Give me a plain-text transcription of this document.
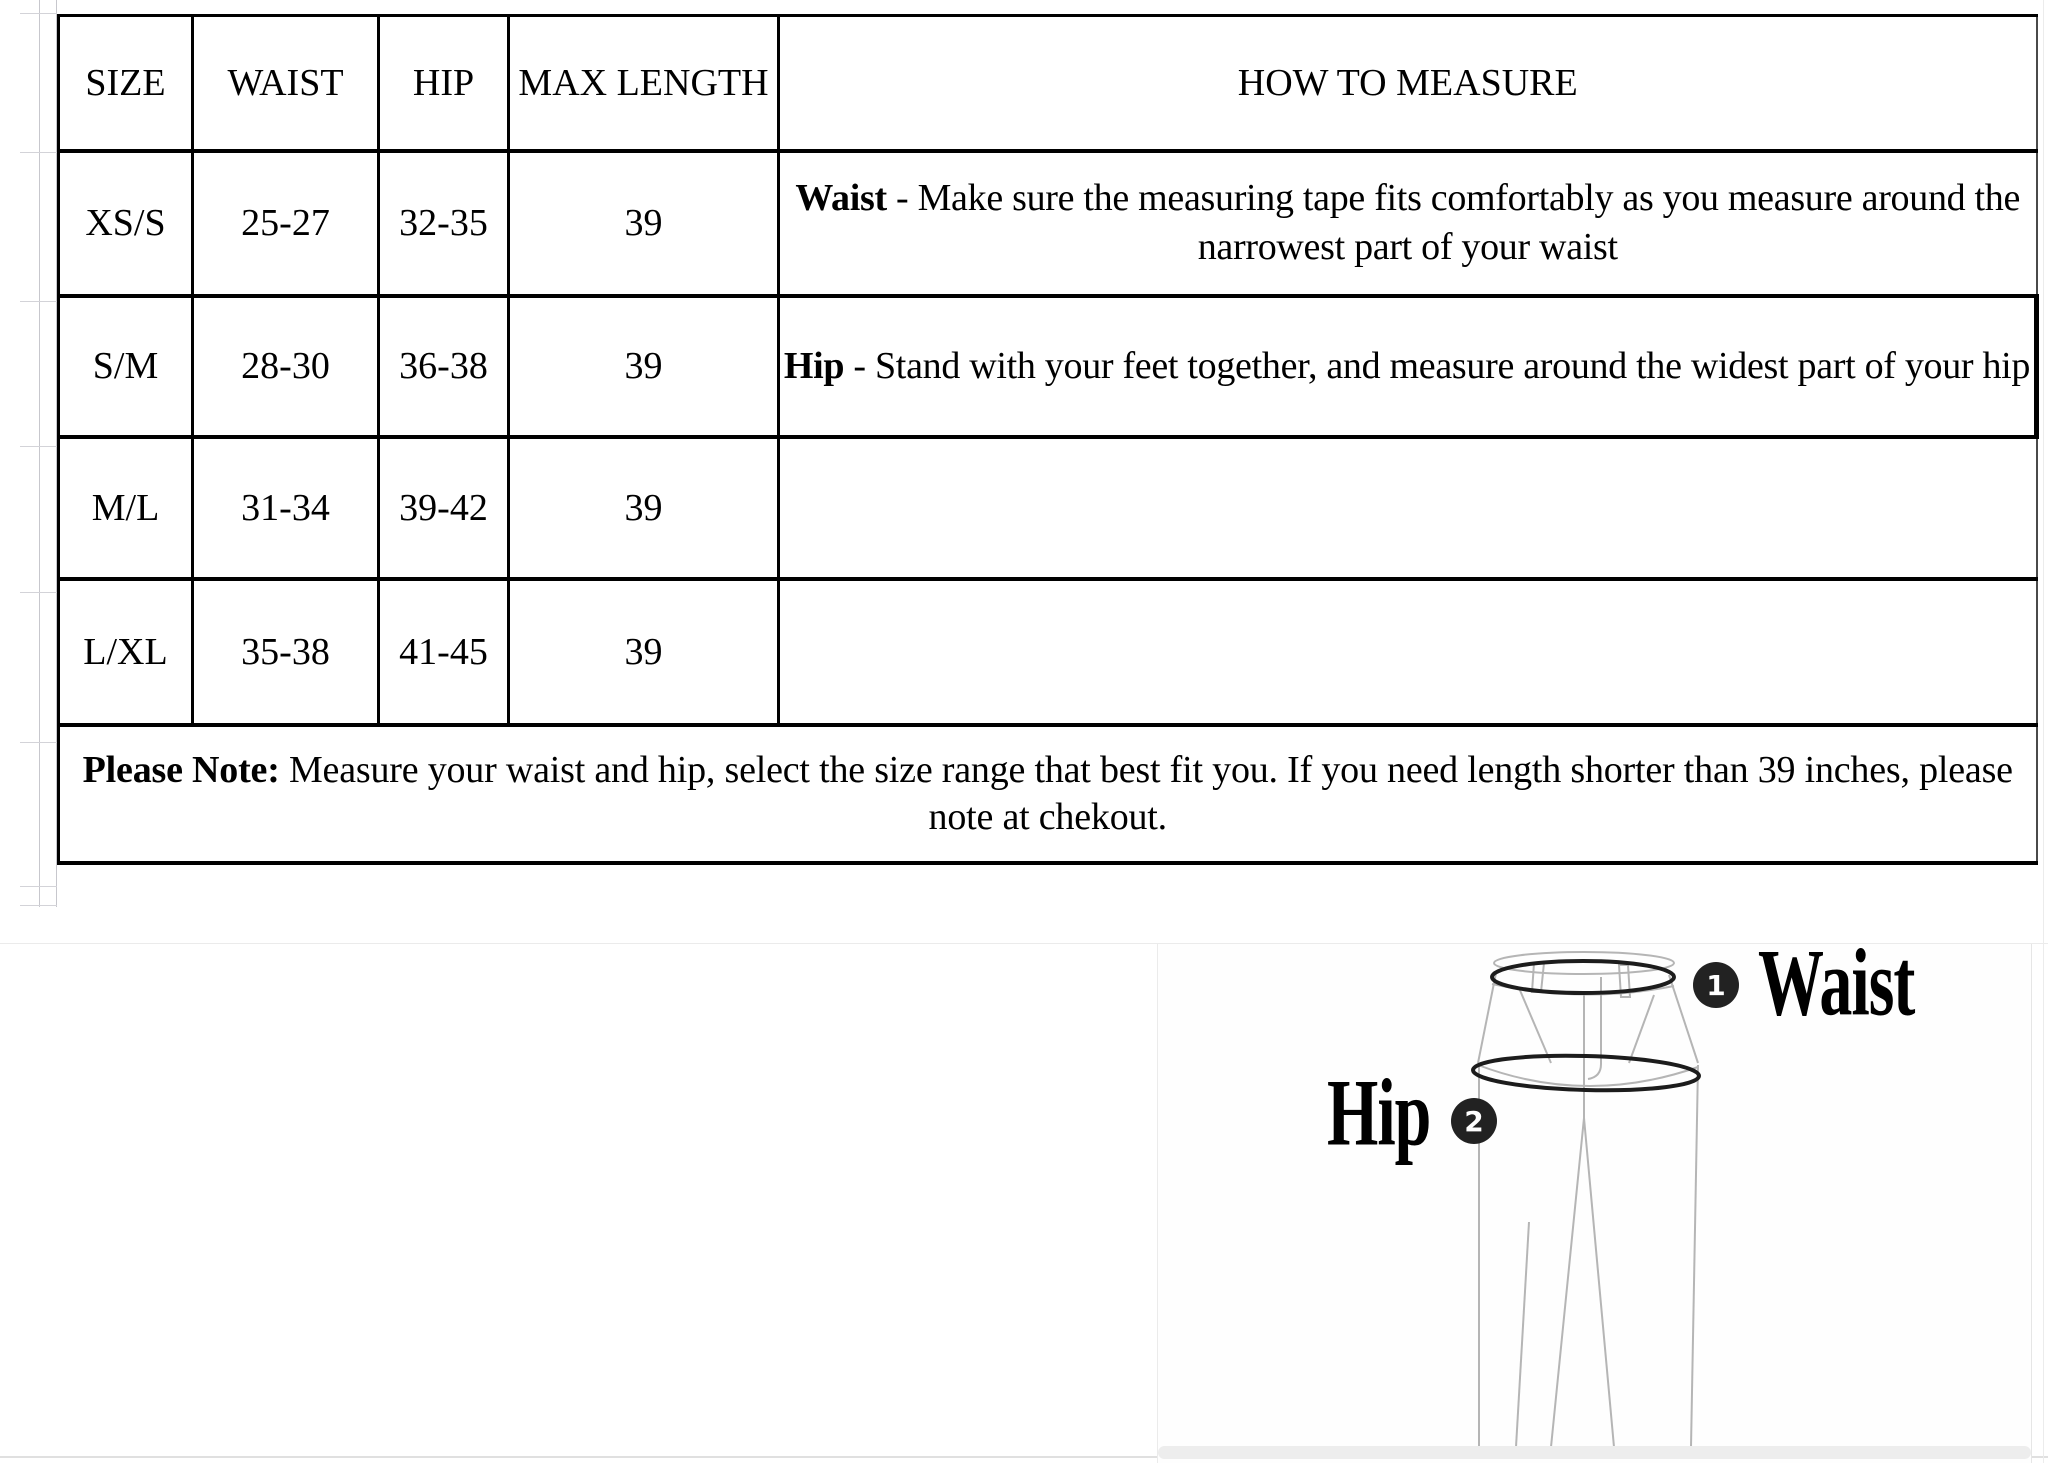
SIZE	WAIST	HIP	MAX LENGTH	HOW TO MEASURE
XS/S	25-27	32-35	39	Waist - Make sure the measuring tape fits comfortably as you measure around the narrowest part of your waist
S/M	28-30	36-38	39	Hip - Stand with your feet together, and measure around the widest part of your hip
M/L	31-34	39-42	39	
L/XL	35-38	41-45	39	
Please Note: Measure your waist and hip, select the size range that best fit you. If you need length shorter than 39 inches, please note at chekout.				
1 Waist
Hip	2
